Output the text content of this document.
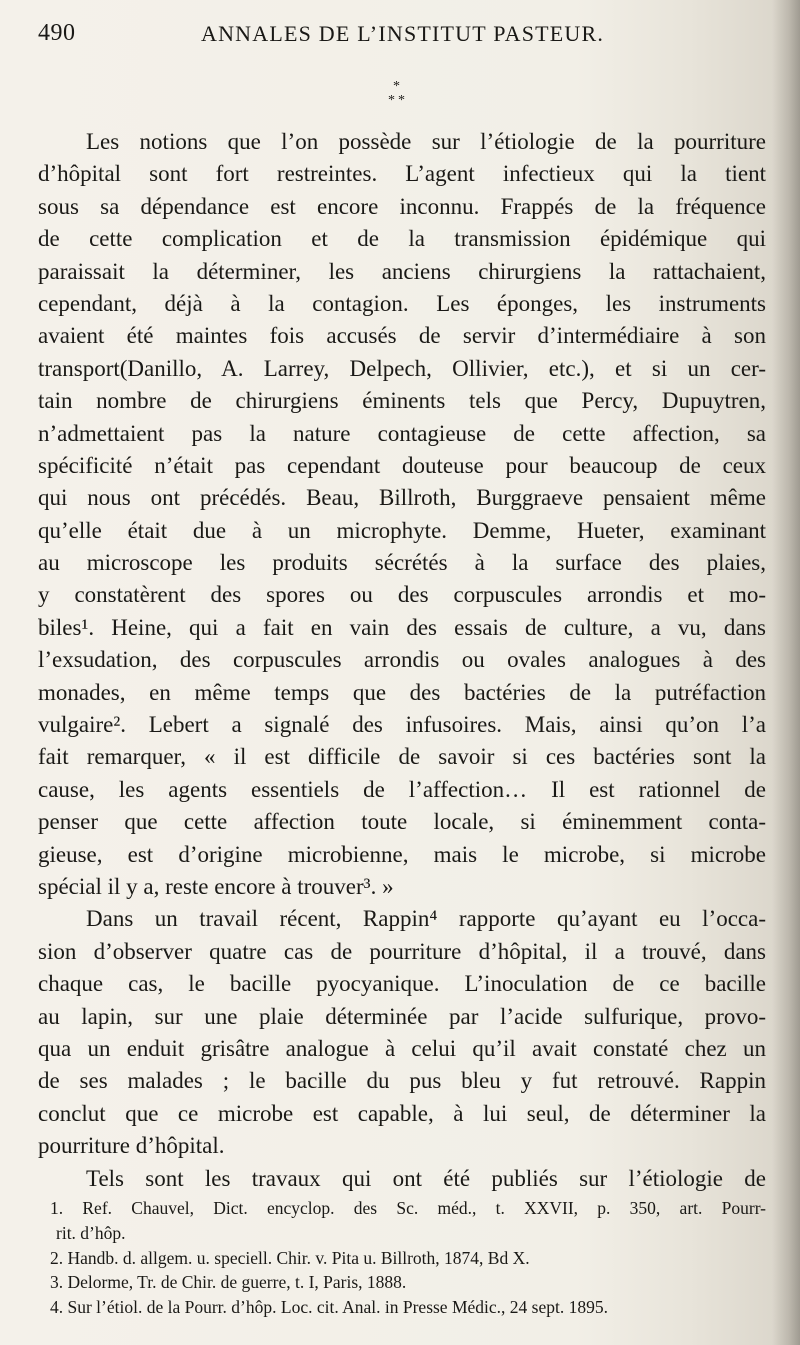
490	ANNALES DE L’INSTITUT PASTEUR.
*
* *
Les notions que l’on possède sur l’étiologie de la pourriture
d’hôpital sont fort restreintes. L’agent infectieux qui la tient
sous sa dépendance est encore inconnu. Frappés de la fréquence
de cette complication et de la transmission épidémique qui
paraissait la déterminer, les anciens chirurgiens la rattachaient,
cependant, déjà à la contagion. Les éponges, les instruments
avaient été maintes fois accusés de servir d’intermédiaire à son
transport(Danillo, A. Larrey, Delpech, Ollivier, etc.), et si un cer-
tain nombre de chirurgiens éminents tels que Percy, Dupuytren,
n’admettaient pas la nature contagieuse de cette affection, sa
spécificité n’était pas cependant douteuse pour beaucoup de ceux
qui nous ont précédés. Beau, Billroth, Burggraeve pensaient même
qu’elle était due à un microphyte. Demme, Hueter, examinant
au microscope les produits sécrétés à la surface des plaies,
y constatèrent des spores ou des corpuscules arrondis et mo-
biles¹. Heine, qui a fait en vain des essais de culture, a vu, dans
l’exsudation, des corpuscules arrondis ou ovales analogues à des
monades, en même temps que des bactéries de la putréfaction
vulgaire². Lebert a signalé des infusoires. Mais, ainsi qu’on l’a
fait remarquer, « il est difficile de savoir si ces bactéries sont la
cause, les agents essentiels de l’affection… Il est rationnel de
penser que cette affection toute locale, si éminemment conta-
gieuse, est d’origine microbienne, mais le microbe, si microbe
spécial il y a, reste encore à trouver³. »
Dans un travail récent, Rappin⁴ rapporte qu’ayant eu l’occa-
sion d’observer quatre cas de pourriture d’hôpital, il a trouvé, dans
chaque cas, le bacille pyocyanique. L’inoculation de ce bacille
au lapin, sur une plaie déterminée par l’acide sulfurique, provo-
qua un enduit grisâtre analogue à celui qu’il avait constaté chez un
de ses malades ; le bacille du pus bleu y fut retrouvé. Rappin
conclut que ce microbe est capable, à lui seul, de déterminer la
pourriture d’hôpital.
Tels sont les travaux qui ont été publiés sur l’étiologie de
1. Ref. Chauvel, Dict. encyclop. des Sc. méd., t. XXVII, p. 350, art. Pourr-
rit. d’hôp.
2. Handb. d. allgem. u. speciell. Chir. v. Pita u. Billroth, 1874, Bd X.
3. Delorme, Tr. de Chir. de guerre, t. I, Paris, 1888.
4. Sur l’étiol. de la Pourr. d’hôp. Loc. cit. Anal. in Presse Médic., 24 sept. 1895.
